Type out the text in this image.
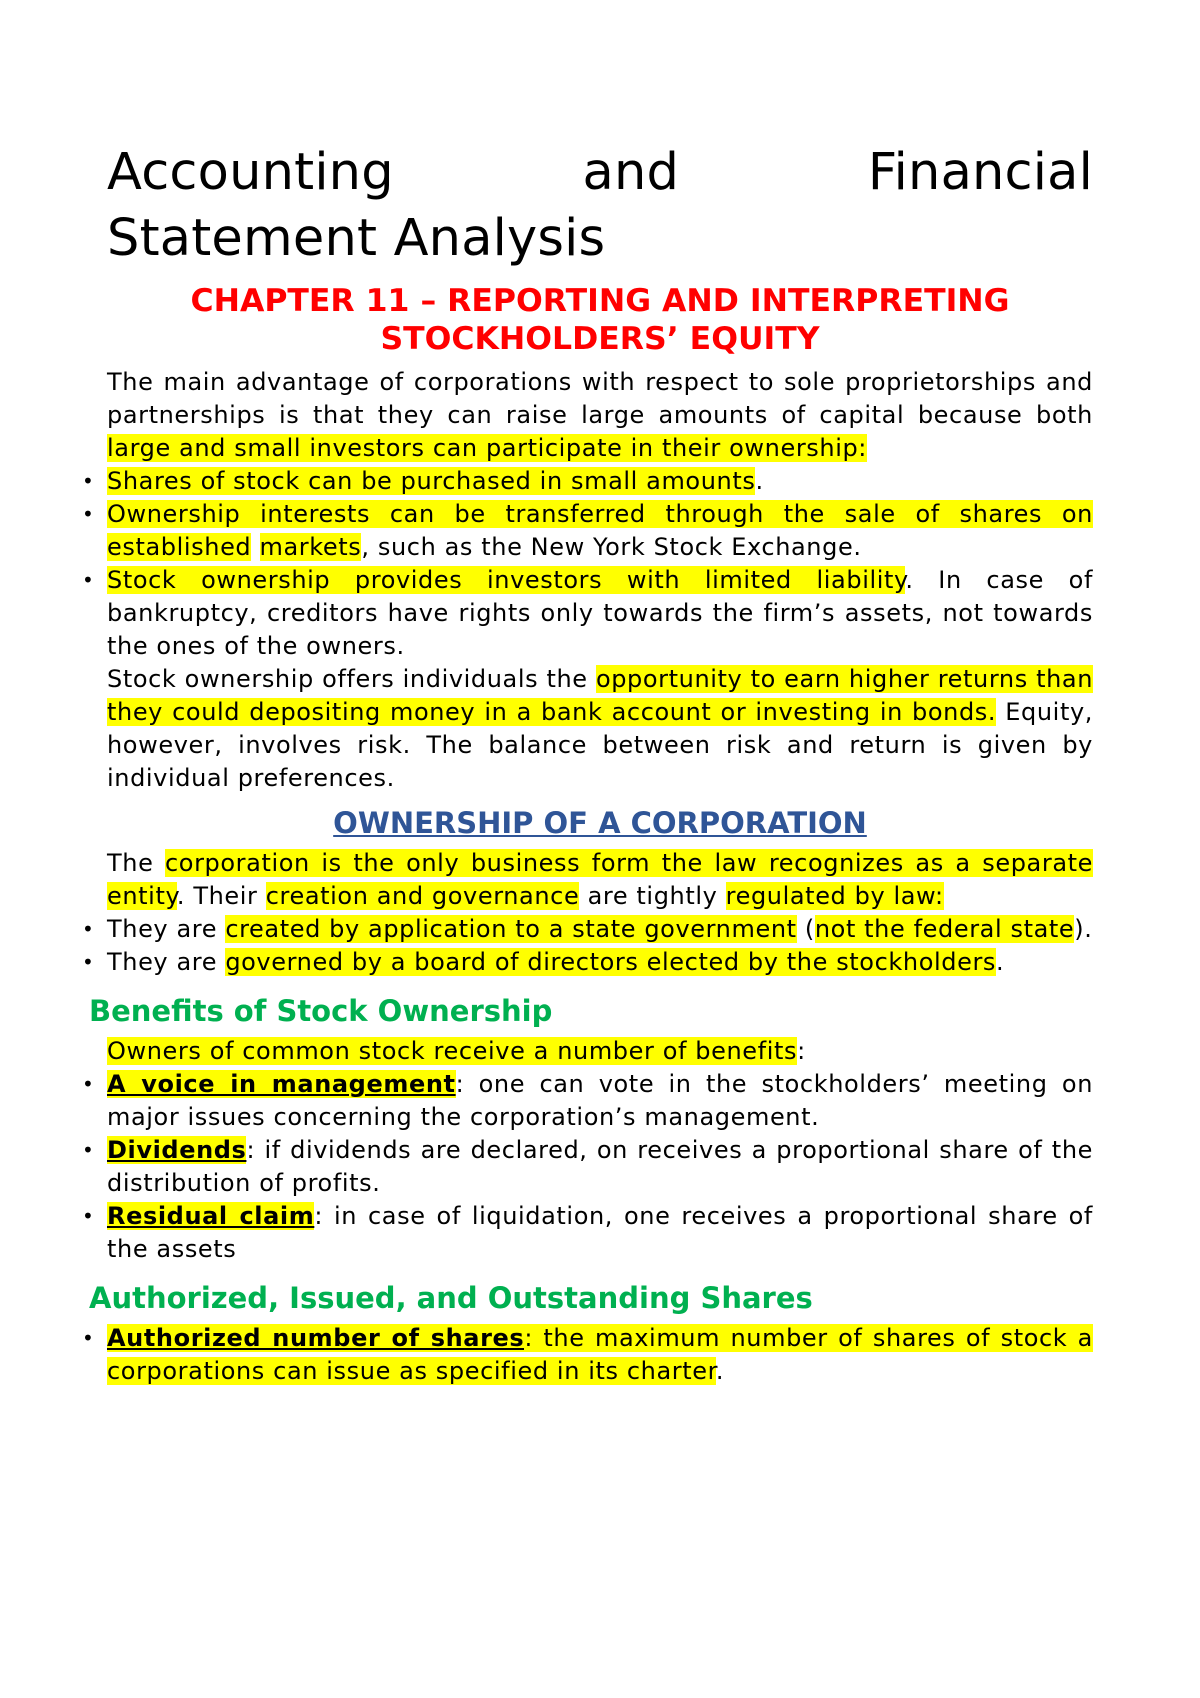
Accounting	and	Financial
Statement Analysis
CHAPTER 11 – REPORTING AND INTERPRETING
STOCKHOLDERS’ EQUITY

The main advantage of corporations with respect to sole proprietorships and partnerships is that they can raise large amounts of capital because both large and small investors can participate in their ownership:

• Shares of stock can be purchased in small amounts.
• Ownership interests can be transferred through the sale of shares on established markets, such as the New York Stock Exchange.
• Stock ownership provides investors with limited liability. In case of bankruptcy, creditors have rights only towards the firm’s assets, not towards the ones of the owners.

Stock ownership offers individuals the opportunity to earn higher returns than they could depositing money in a bank account or investing in bonds. Equity, however, involves risk. The balance between risk and return is given by individual preferences.

OWNERSHIP OF A CORPORATION

The corporation is the only business form the law recognizes as a separate entity. Their creation and governance are tightly regulated by law:

• They are created by application to a state government (not the federal state).
• They are governed by a board of directors elected by the stockholders.
Benefits of Stock Ownership

Owners of common stock receive a number of benefits:

• A voice in management: one can vote in the stockholders’ meeting on major issues concerning the corporation’s management.
• Dividends: if dividends are declared, on receives a proportional share of the distribution of profits.
• Residual claim: in case of liquidation, one receives a proportional share of the assets
Authorized, Issued, and Outstanding Shares
• Authorized number of shares: the maximum number of shares of stock a corporations can issue as specified in its charter.
